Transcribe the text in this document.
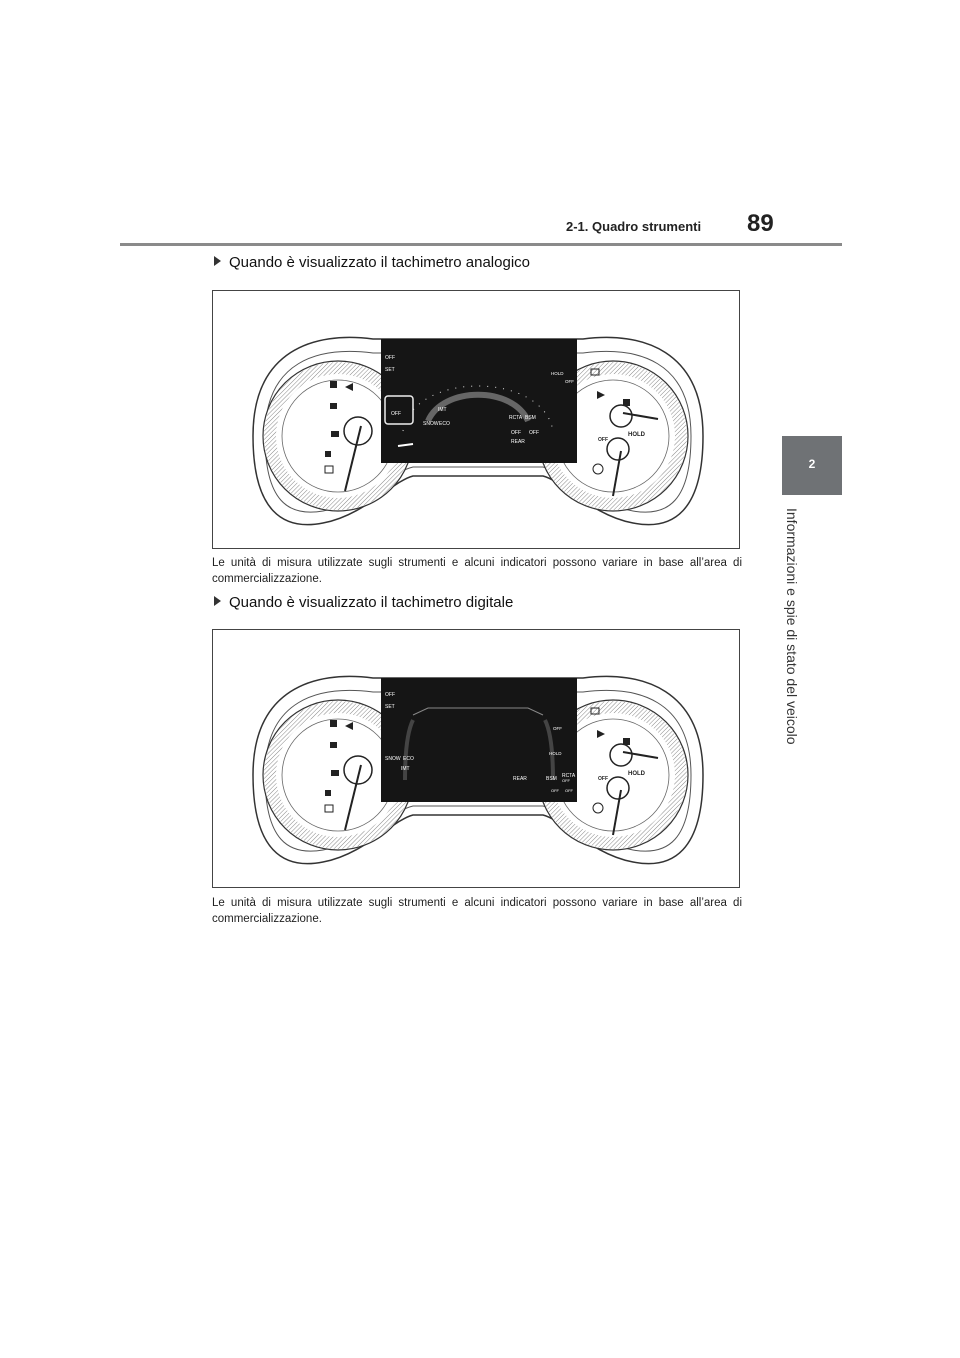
2-1. Quadro strumenti 89
2
Informazioni e spie di stato del veicolo
Quando è visualizzato il tachimetro analogico
HOLD
OFF
OFF
OFF
SET
IMT
SNOW ECO
BSM
RCTA
OFF OFF
REAR
HOLD
OFF
Le unità di misura utilizzate sugli strumenti e alcuni indicatori possono variare in base all’area di commercializzazione.
Quando è visualizzato il tachimetro digitale
HOLD
OFF
OFF
SET
SNOW ECO
IMT
REAR
OFF
HOLD
BSM RCTA
OFF
OFF OFF
Le unità di misura utilizzate sugli strumenti e alcuni indicatori possono variare in base all’area di commercializzazione.
